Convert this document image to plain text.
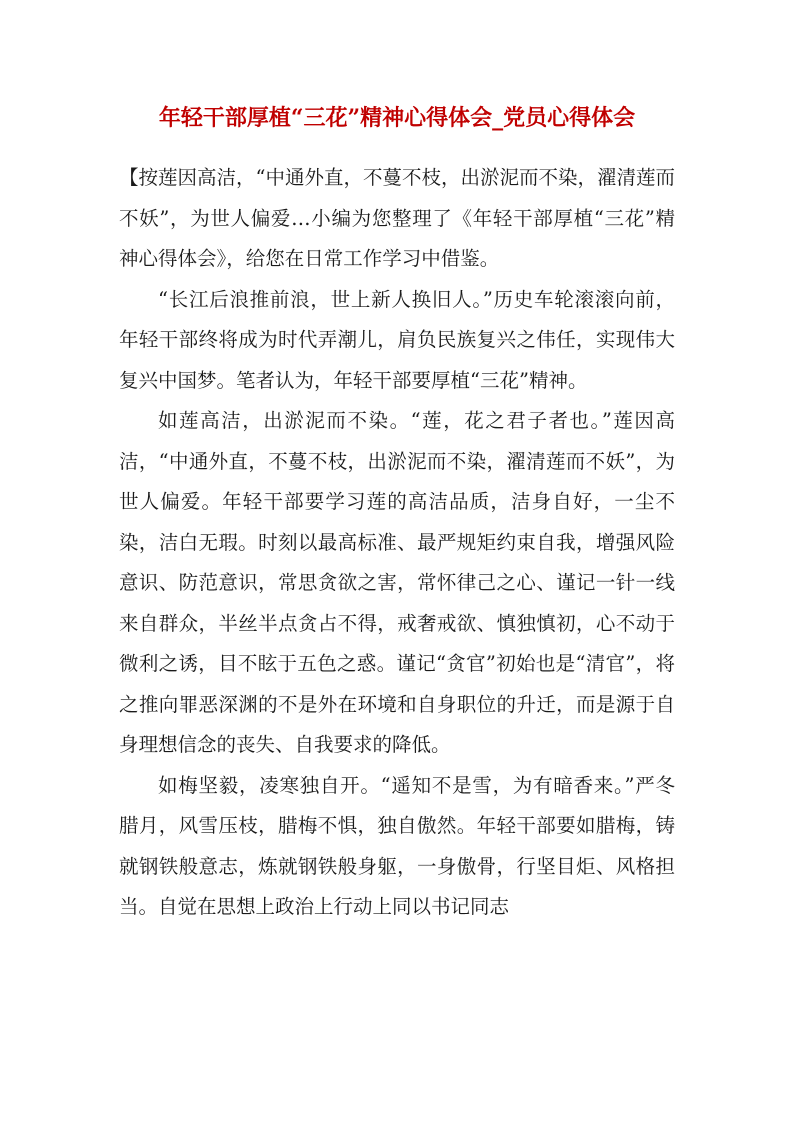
年轻干部厚植“三花”精神心得体会_党员心得体会

【按莲因高洁，“中通外直，不蔓不枝，出淤泥而不染，濯清莲而不妖”，为世人偏爱…小编为您整理了《年轻干部厚植“三花”精神心得体会》，给您在日常工作学习中借鉴。

“长江后浪推前浪，世上新人换旧人。”历史车轮滚滚向前，年轻干部终将成为时代弄潮儿，肩负民族复兴之伟任，实现伟大复兴中国梦。笔者认为，年轻干部要厚植“三花”精神。

如莲高洁，出淤泥而不染。“莲，花之君子者也。”莲因高洁，“中通外直，不蔓不枝，出淤泥而不染，濯清莲而不妖”，为世人偏爱。年轻干部要学习莲的高洁品质，洁身自好，一尘不染，洁白无瑕。时刻以最高标准、最严规矩约束自我，增强风险意识、防范意识，常思贪欲之害，常怀律己之心、谨记一针一线来自群众，半丝半点贪占不得，戒奢戒欲、慎独慎初，心不动于微利之诱，目不眩于五色之惑。谨记“贪官”初始也是“清官”，将之推向罪恶深渊的不是外在环境和自身职位的升迁，而是源于自身理想信念的丧失、自我要求的降低。

如梅坚毅，凌寒独自开。“遥知不是雪，为有暗香来。”严冬腊月，风雪压枝，腊梅不惧，独自傲然。年轻干部要如腊梅，铸就钢铁般意志，炼就钢铁般身躯，一身傲骨，行坚目炬、风格担当。自觉在思想上政治上行动上同以书记同志
